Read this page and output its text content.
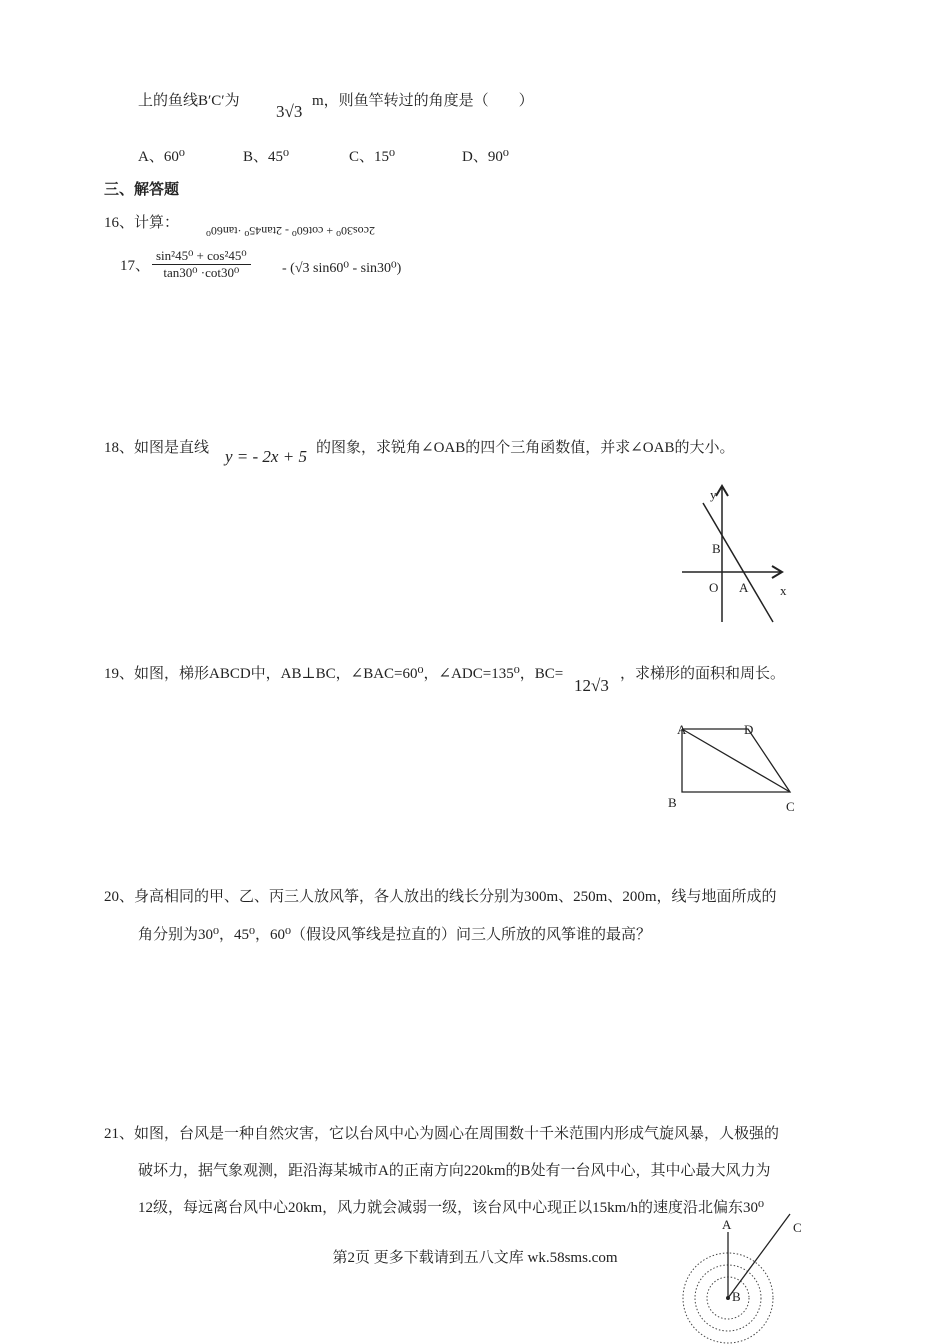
上的鱼线B′C′为
3√3
m，则鱼竿转过的角度是（　　）
A、60⁰	B、45⁰	C、15⁰	D、90⁰
三、解答题
16、计算： 2cos30⁰ + cot60⁰ - 2tan45⁰ ·tan60⁰
17、 $\frac{\text{sin²45⁰ + cos²45⁰}}{\text{tan30⁰ ·cot30⁰}} - (√3$ sin60⁰ - sin30⁰)
18、如图是直线 y = - 2x + 5 的图象，求锐角∠OAB的四个三角函数值，并求∠OAB的大小。
y
x
B
O A
19、如图，梯形ABCD中，AB⊥BC，∠BAC=60⁰，∠ADC=135⁰，BC=
12√3
，求梯形的面积和周长。
A	D
B	C
20、身高相同的甲、乙、丙三人放风筝，各人放出的线长分别为300m、250m、200m，线与地面所成的
角分别为30⁰，45⁰，60⁰（假设风筝线是拉直的）问三人所放的风筝谁的最高？
21、如图，台风是一种自然灾害，它以台风中心为圆心在周围数十千米范围内形成气旋风暴，人极强的
破坏力，据气象观测，距沿海某城市A的正南方向220km的B处有一台风中心，其中心最大风力为
12级，每远离台风中心20km，风力就会减弱一级，该台风中心现正以15km/h的速度沿北偏东30⁰
第2页 更多下载请到五八文库 wk.58sms.com
A	C
B
